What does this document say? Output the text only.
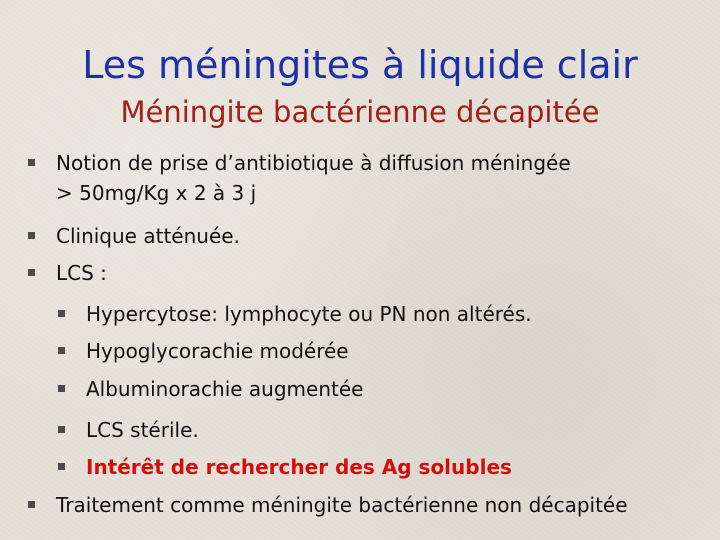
Les méningites à liquide clair
Méningite bactérienne décapitée
Notion de prise d’antibiotique à diffusion méningée
> 50mg/Kg x 2 à 3 j
Clinique atténuée.
LCS :
Hypercytose: lymphocyte ou PN non altérés.
Hypoglycorachie modérée
Albuminorachie augmentée
LCS stérile.
Intérêt de rechercher des Ag solubles
Traitement comme méningite bactérienne non décapitée
